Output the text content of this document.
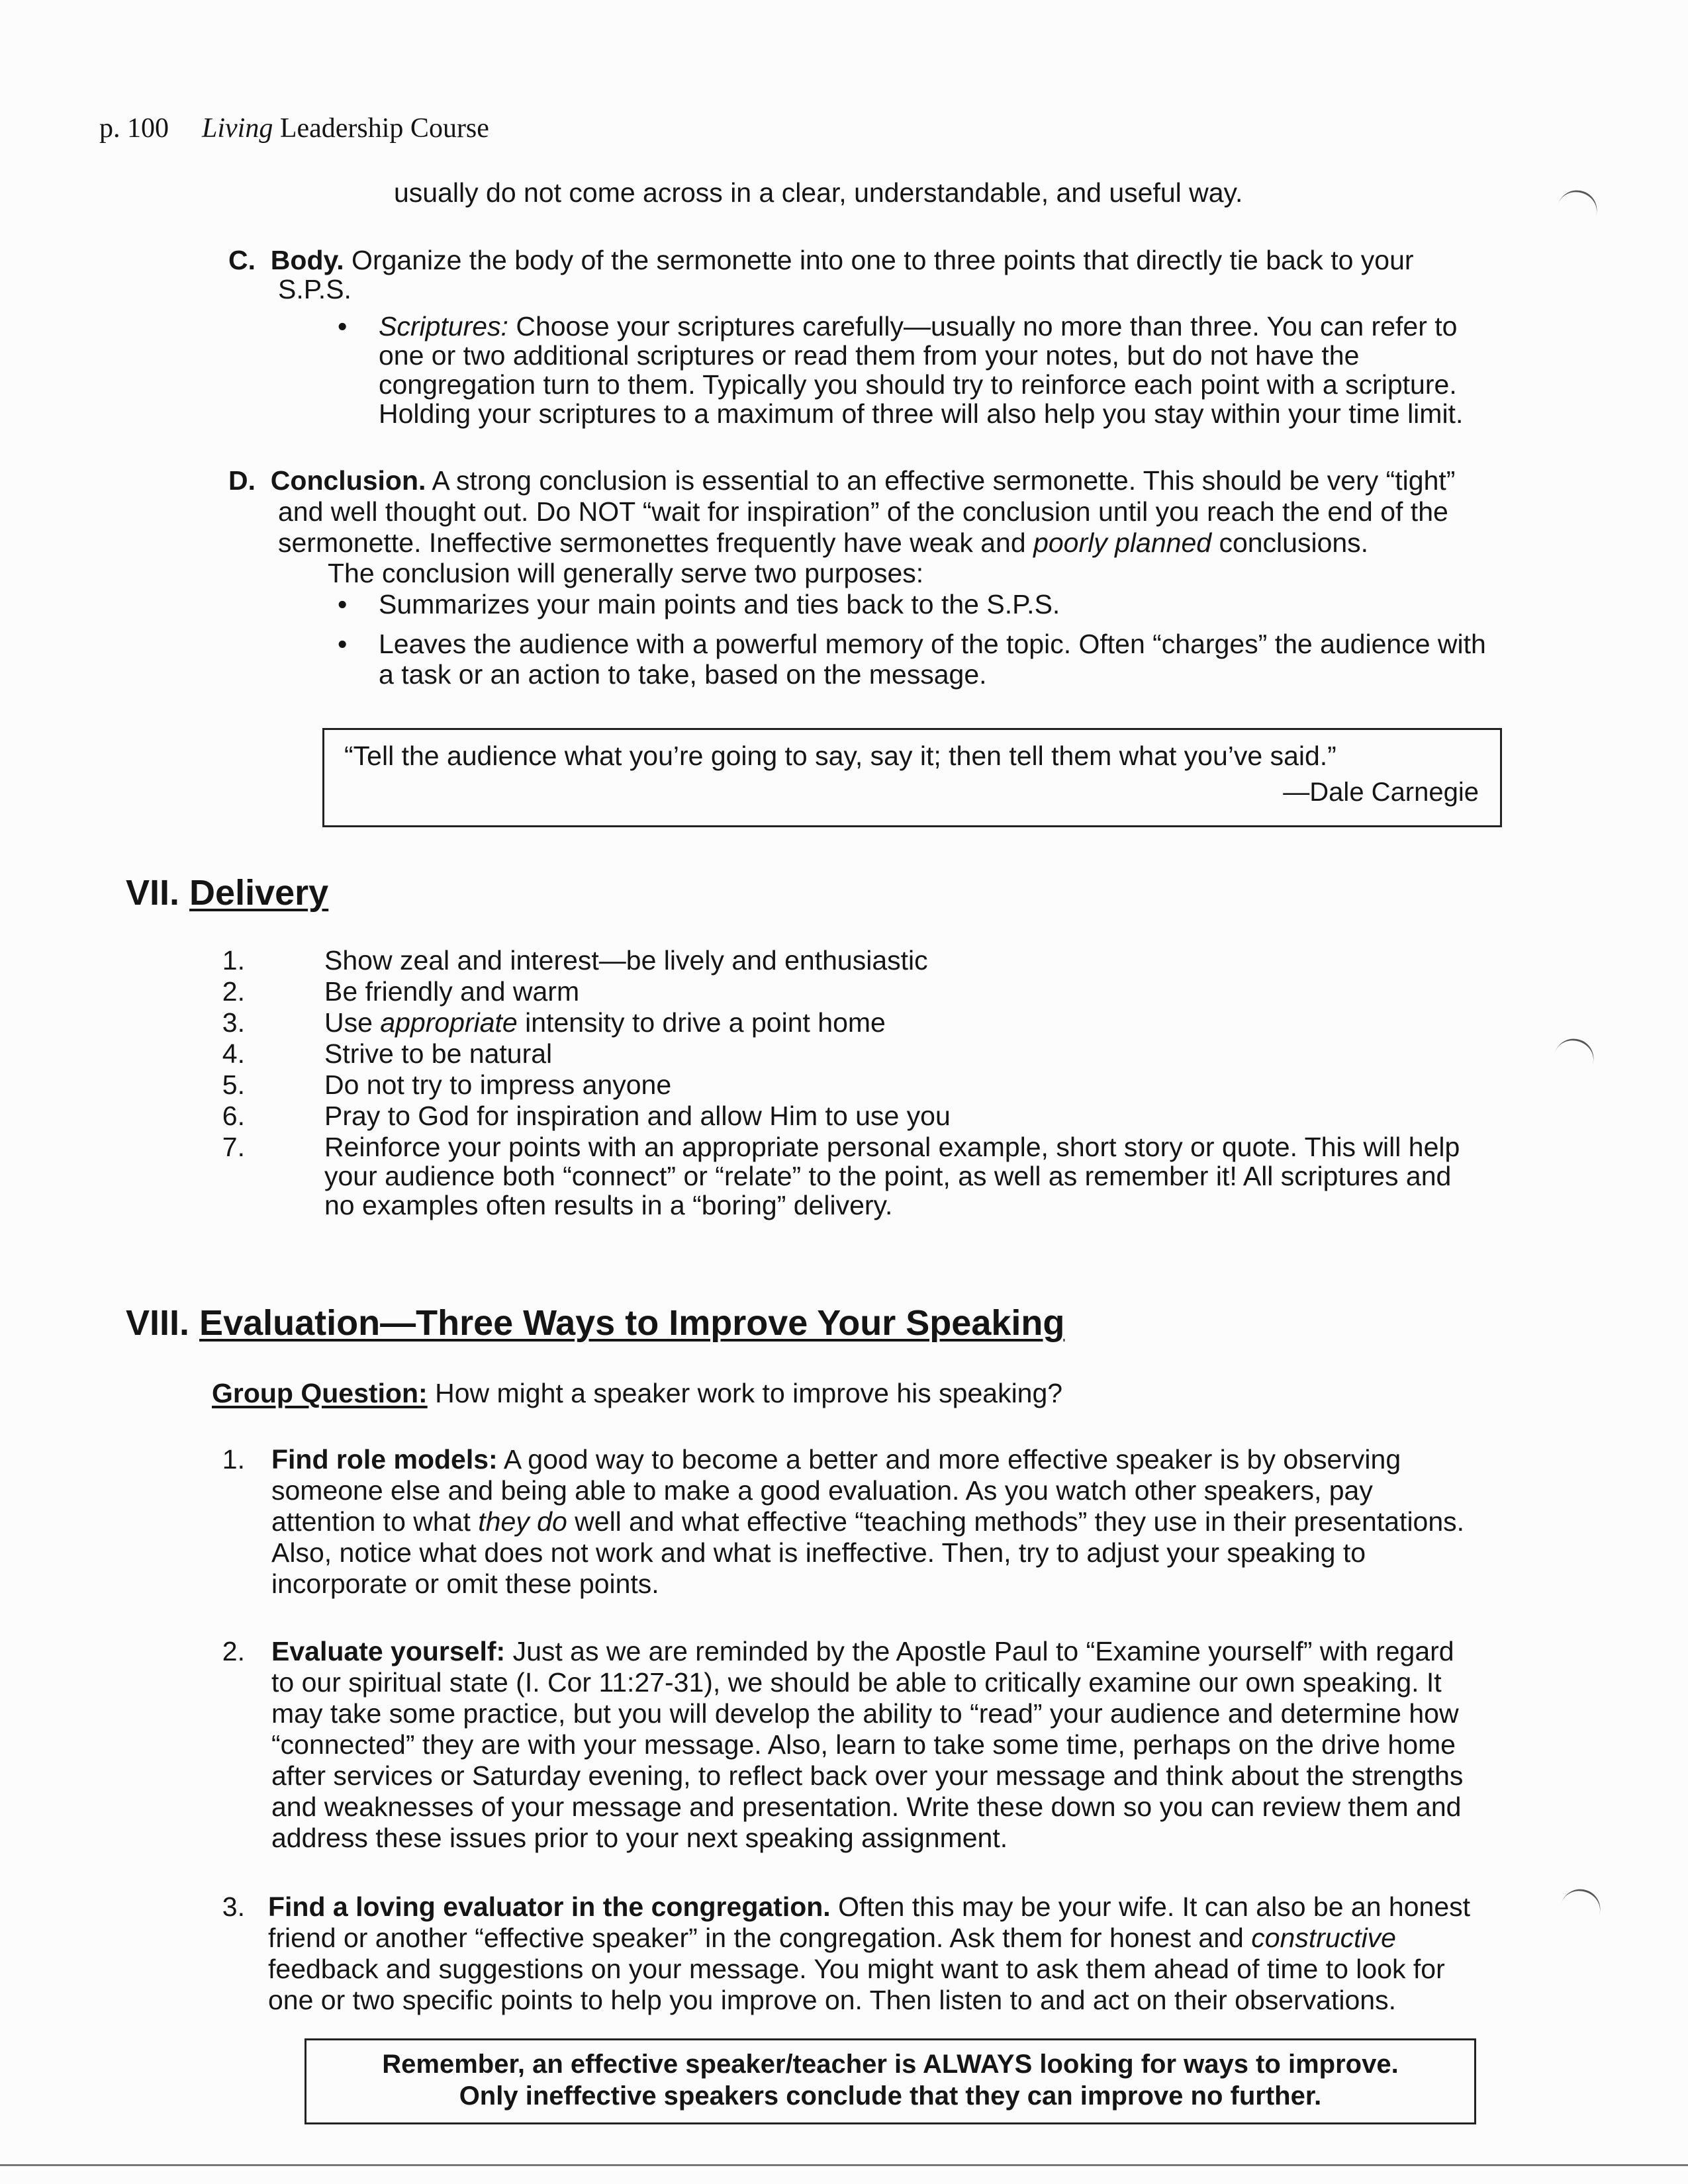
p. 100 Living Leadership Course
usually do not come across in a clear, understandable, and useful way.
C. Body. Organize the body of the sermonette into one to three points that directly tie back to your
S.P.S.
• Scriptures: Choose your scriptures carefully—usually no more than three. You can refer to
one or two additional scriptures or read them from your notes, but do not have the
congregation turn to them. Typically you should try to reinforce each point with a scripture.
Holding your scriptures to a maximum of three will also help you stay within your time limit.
D. Conclusion. A strong conclusion is essential to an effective sermonette. This should be very “tight”
and well thought out. Do NOT “wait for inspiration” of the conclusion until you reach the end of the
sermonette. Ineffective sermonettes frequently have weak and poorly planned conclusions.
The conclusion will generally serve two purposes:
• Summarizes your main points and ties back to the S.P.S.
• Leaves the audience with a powerful memory of the topic. Often “charges” the audience with
a task or an action to take, based on the message.
“Tell the audience what you’re going to say, say it; then tell them what you’ve said.”
—Dale Carnegie
VII. Delivery
1.	Show zeal and interest—be lively and enthusiastic
2.	Be friendly and warm
3.	Use appropriate intensity to drive a point home
4.	Strive to be natural
5.	Do not try to impress anyone
6.	Pray to God for inspiration and allow Him to use you
7.	Reinforce your points with an appropriate personal example, short story or quote. This will help
your audience both “connect” or “relate” to the point, as well as remember it! All scriptures and
no examples often results in a “boring” delivery.
VIII. Evaluation—Three Ways to Improve Your Speaking
Group Question: How might a speaker work to improve his speaking?
1. Find role models: A good way to become a better and more effective speaker is by observing
someone else and being able to make a good evaluation. As you watch other speakers, pay
attention to what they do well and what effective “teaching methods” they use in their presentations.
Also, notice what does not work and what is ineffective. Then, try to adjust your speaking to
incorporate or omit these points.
2. Evaluate yourself: Just as we are reminded by the Apostle Paul to “Examine yourself” with regard
to our spiritual state (I. Cor 11:27-31), we should be able to critically examine our own speaking. It
may take some practice, but you will develop the ability to “read” your audience and determine how
“connected” they are with your message. Also, learn to take some time, perhaps on the drive home
after services or Saturday evening, to reflect back over your message and think about the strengths
and weaknesses of your message and presentation. Write these down so you can review them and
address these issues prior to your next speaking assignment.
3. Find a loving evaluator in the congregation. Often this may be your wife. It can also be an honest
friend or another “effective speaker” in the congregation. Ask them for honest and constructive
feedback and suggestions on your message. You might want to ask them ahead of time to look for
one or two specific points to help you improve on. Then listen to and act on their observations.
Remember, an effective speaker/teacher is ALWAYS looking for ways to improve.
Only ineffective speakers conclude that they can improve no further.
